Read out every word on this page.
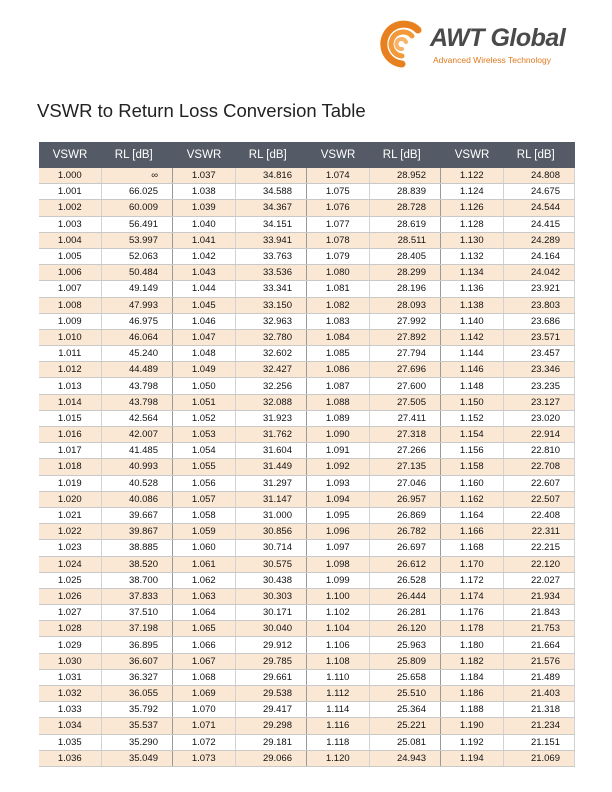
AWT Global
Advanced Wireless Technology
VSWR to Return Loss Conversion Table
VSWR	RL [dB]
1.000	∞
1.001	66.025
1.002	60.009
1.003	56.491
1.004	53.997
1.005	52.063
1.006	50.484
1.007	49.149
1.008	47.993
1.009	46.975
1.010	46.064
1.011	45.240
1.012	44.489
1.013	43.798
1.014	43.798
1.015	42.564
1.016	42.007
1.017	41.485
1.018	40.993
1.019	40.528
1.020	40.086
1.021	39.667
1.022	39.867
1.023	38.885
1.024	38.520
1.025	38.700
1.026	37.833
1.027	37.510
1.028	37.198
1.029	36.895
1.030	36.607
1.031	36.327
1.032	36.055
1.033	35.792
1.034	35.537
1.035	35.290
1.036	35.049
VSWR	RL [dB]
1.037	34.816
1.038	34.588
1.039	34.367
1.040	34.151
1.041	33.941
1.042	33.763
1.043	33.536
1.044	33.341
1.045	33.150
1.046	32.963
1.047	32.780
1.048	32.602
1.049	32.427
1.050	32.256
1.051	32.088
1.052	31.923
1.053	31.762
1.054	31.604
1.055	31.449
1.056	31.297
1.057	31.147
1.058	31.000
1.059	30.856
1.060	30.714
1.061	30.575
1.062	30.438
1.063	30.303
1.064	30.171
1.065	30.040
1.066	29.912
1.067	29.785
1.068	29.661
1.069	29.538
1.070	29.417
1.071	29.298
1.072	29.181
1.073	29.066
VSWR	RL [dB]
1.074	28.952
1.075	28.839
1.076	28.728
1.077	28.619
1.078	28.511
1.079	28.405
1.080	28.299
1.081	28.196
1.082	28.093
1.083	27.992
1.084	27.892
1.085	27.794
1.086	27.696
1.087	27.600
1.088	27.505
1.089	27.411
1.090	27.318
1.091	27.266
1.092	27.135
1.093	27.046
1.094	26.957
1.095	26.869
1.096	26.782
1.097	26.697
1.098	26.612
1.099	26.528
1.100	26.444
1.102	26.281
1.104	26.120
1.106	25.963
1.108	25.809
1.110	25.658
1.112	25.510
1.114	25.364
1.116	25.221
1.118	25.081
1.120	24.943
VSWR	RL [dB]
1.122	24.808
1.124	24.675
1.126	24.544
1.128	24.415
1.130	24.289
1.132	24.164
1.134	24.042
1.136	23.921
1.138	23.803
1.140	23.686
1.142	23.571
1.144	23.457
1.146	23.346
1.148	23.235
1.150	23.127
1.152	23.020
1.154	22.914
1.156	22.810
1.158	22.708
1.160	22.607
1.162	22.507
1.164	22.408
1.166	22.311
1.168	22.215
1.170	22.120
1.172	22.027
1.174	21.934
1.176	21.843
1.178	21.753
1.180	21.664
1.182	21.576
1.184	21.489
1.186	21.403
1.188	21.318
1.190	21.234
1.192	21.151
1.194	21.069
